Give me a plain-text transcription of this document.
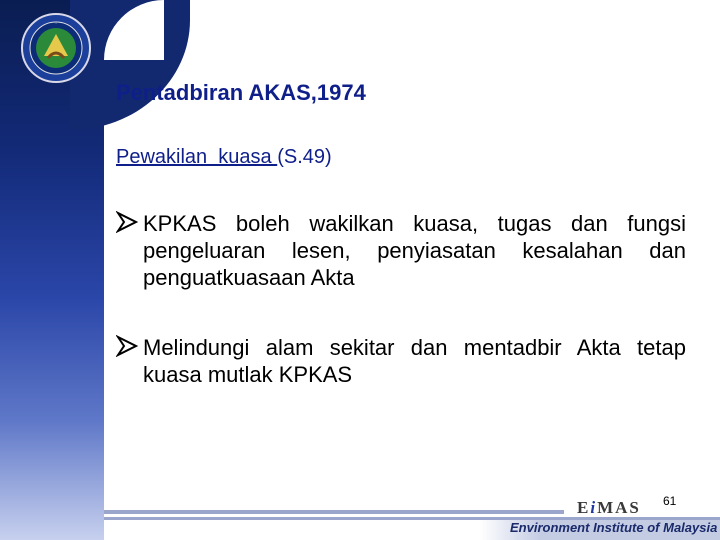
.
Pentadbiran AKAS,1974
Pewakilan  kuasa (S.49)
KPKAS boleh wakilkan kuasa, tugas dan fungsi pengeluaran lesen, penyiasatan kesalahan dan penguatkuasaan Akta
Melindungi alam sekitar dan mentadbir Akta tetap kuasa mutlak KPKAS
61
EiMAS
Environment Institute of Malaysia
